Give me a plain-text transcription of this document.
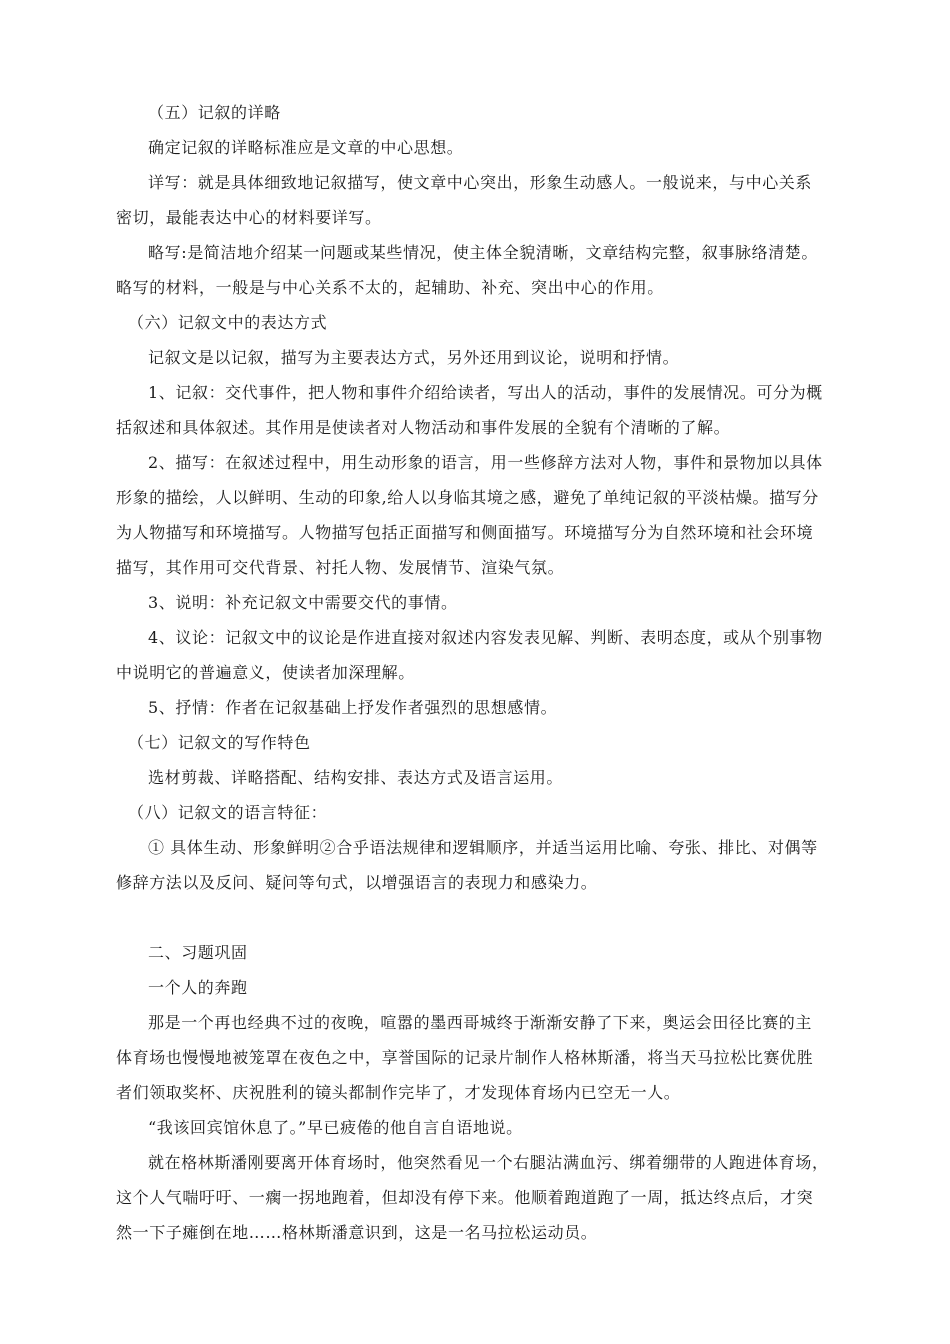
（五）记叙的详略
确定记叙的详略标准应是文章的中心思想。
详写：就是具体细致地记叙描写，使文章中心突出，形象生动感人。一般说来，与中心关系
密切，最能表达中心的材料要详写。
略写:是简洁地介绍某一问题或某些情况，使主体全貌清晰，文章结构完整，叙事脉络清楚。
略写的材料，一般是与中心关系不太的，起辅助、补充、突出中心的作用。
（六）记叙文中的表达方式
记叙文是以记叙，描写为主要表达方式，另外还用到议论，说明和抒情。
1、记叙：交代事件，把人物和事件介绍给读者，写出人的活动，事件的发展情况。可分为概
括叙述和具体叙述。其作用是使读者对人物活动和事件发展的全貌有个清晰的了解。
2、描写：在叙述过程中，用生动形象的语言，用一些修辞方法对人物，事件和景物加以具体
形象的描绘，人以鲜明、生动的印象,给人以身临其境之感，避免了单纯记叙的平淡枯燥。描写分
为人物描写和环境描写。人物描写包括正面描写和侧面描写。环境描写分为自然环境和社会环境
描写，其作用可交代背景、衬托人物、发展情节、渲染气氛。
3、说明：补充记叙文中需要交代的事情。
4、议论：记叙文中的议论是作进直接对叙述内容发表见解、判断、表明态度，或从个别事物
中说明它的普遍意义，使读者加深理解。
5、抒情：作者在记叙基础上抒发作者强烈的思想感情。
（七）记叙文的写作特色
选材剪裁、详略搭配、结构安排、表达方式及语言运用。
（八）记叙文的语言特征：
① 具体生动、形象鲜明②合乎语法规律和逻辑顺序，并适当运用比喻、夸张、排比、对偶等
修辞方法以及反问、疑问等句式，以增强语言的表现力和感染力。
二、习题巩固
一个人的奔跑
那是一个再也经典不过的夜晚，喧嚣的墨西哥城终于渐渐安静了下来，奥运会田径比赛的主
体育场也慢慢地被笼罩在夜色之中，享誉国际的记录片制作人格林斯潘，将当天马拉松比赛优胜
者们领取奖杯、庆祝胜利的镜头都制作完毕了，才发现体育场内已空无一人。
“我该回宾馆休息了。”早已疲倦的他自言自语地说。
就在格林斯潘刚要离开体育场时，他突然看见一个右腿沾满血污、绑着绷带的人跑进体育场，
这个人气喘吁吁、一瘸一拐地跑着，但却没有停下来。他顺着跑道跑了一周，抵达终点后，才突
然一下子瘫倒在地……格林斯潘意识到，这是一名马拉松运动员。
